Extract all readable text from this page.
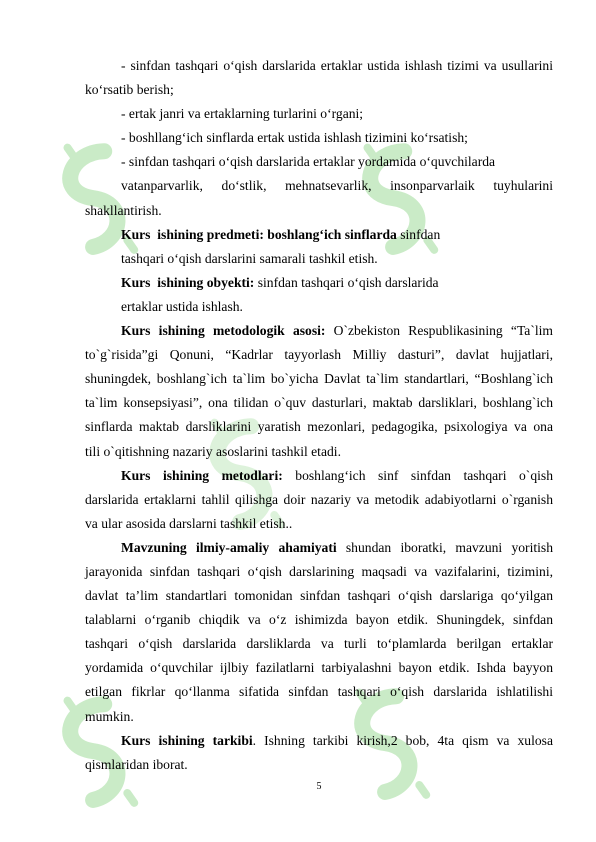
- sinfdan tashqari o‘qish darslarida ertaklar ustida ishlash tizimi va usullarini
ko‘rsatib berish;
- ertak janri va ertaklarning turlarini o‘rgani;
- boshllang‘ich sinflarda ertak ustida ishlash tizimini ko‘rsatish;
- sinfdan tashqari o‘qish darslarida ertaklar yordamida o‘quvchilarda
vatanparvarlik, do‘stlik, mehnatsevarlik, insonparvarlaik tuyhularini
shakllantirish.
Kurs  ishining predmeti: boshlang‘ich sinflarda sinfdan
tashqari o‘qish darslarini samarali tashkil etish.
Kurs  ishining obyekti: sinfdan tashqari o‘qish darslarida
ertaklar ustida ishlash.
Kurs ishining metodologik asosi: O`zbekiston Respublikasining “Ta`lim
to`g`risida”gi Qonuni, “Kadrlar tayyorlash Milliy dasturi”, davlat hujjatlari,
shuningdek, boshlang`ich ta`lim bo`yicha Davlat ta`lim standartlari, “Boshlang`ich
ta`lim konsepsiyasi”, ona tilidan o`quv dasturlari, maktab darsliklari, boshlang`ich
sinflarda maktab darsliklarini yaratish mezonlari, pedagogika, psixologiya va ona
tili o`qitishning nazariy asoslarini tashkil etadi.
Kurs ishining metodlari: boshlang‘ich sinf sinfdan tashqari o`qish
darslarida ertaklarni tahlil qilishga doir nazariy va metodik adabiyotlarni o`rganish
va ular asosida darslarni tashkil etish..
Mavzuning ilmiy-amaliy ahamiyati shundan iboratki, mavzuni yoritish
jarayonida sinfdan tashqari o‘qish darslarining maqsadi va vazifalarini, tizimini,
davlat ta’lim standartlari tomonidan sinfdan tashqari o‘qish darslariga qo‘yilgan
talablarni o‘rganib chiqdik va o‘z ishimizda bayon etdik. Shuningdek, sinfdan
tashqari o‘qish darslarida darsliklarda va turli to‘plamlarda berilgan ertaklar
yordamida o‘quvchilar ijlbiy fazilatlarni tarbiyalashni bayon etdik. Ishda bayyon
etilgan fikrlar qo‘llanma sifatida sinfdan tashqari o‘qish darslarida ishlatilishi
mumkin.
Kurs ishining tarkibi. Ishning tarkibi kirish,2 bob, 4ta qism va xulosa
qismlaridan iborat.
5
